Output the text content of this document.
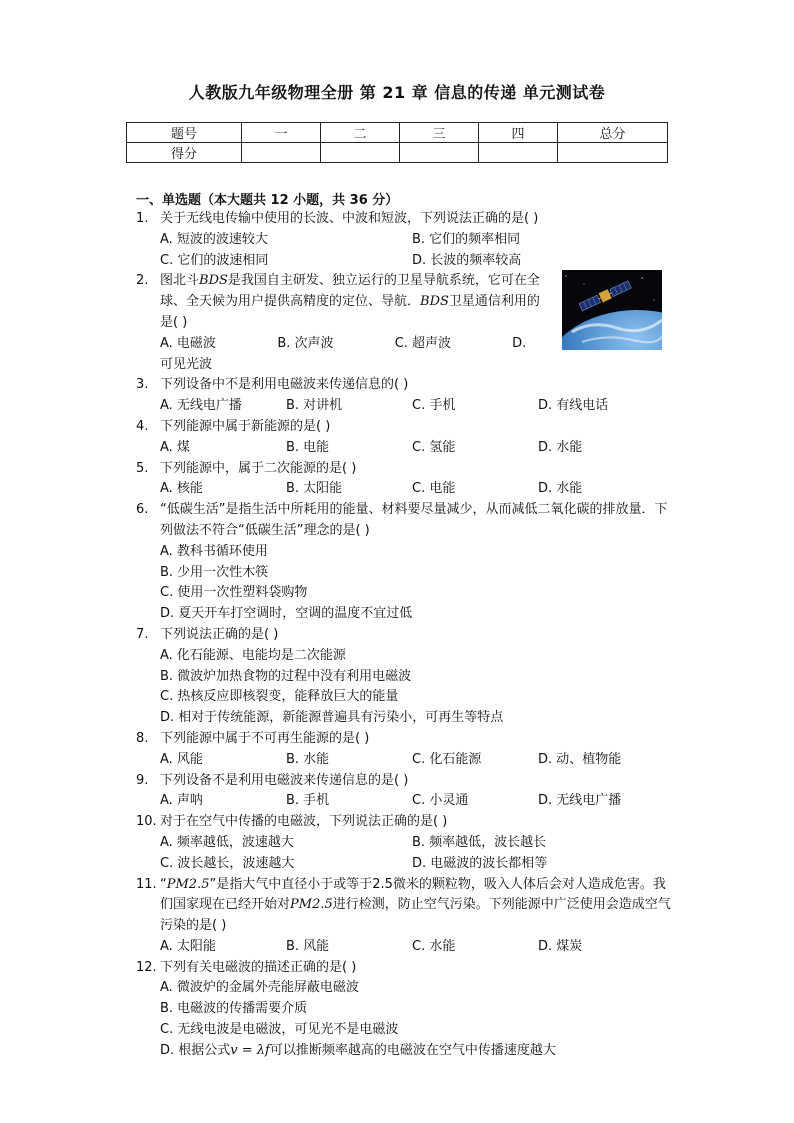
人教版九年级物理全册 第 21 章 信息的传递 单元测试卷
题号	一	二	三	四	总分
得分					
一、单选题（本大题共 12 小题，共 36 分）
1. 关于无线电传输中使用的长波、中波和短波，下列说法正确的是( )
A. 短波的波速较大	B. 它们的频率相同
C. 它们的波速相同	D. 长波的频率较高
2. 图北斗BDS是我国自主研发、独立运行的卫星导航系统，它可在全球、全天候为用户提供高精度的定位、导航．BDS卫星通信利用的是( )
A. 电磁波	B. 次声波	C. 超声波	D.
可见光波
3. 下列设备中不是利用电磁波来传递信息的( )
A. 无线电广播	B. 对讲机	C. 手机	D. 有线电话
4. 下列能源中属于新能源的是( )
A. 煤	B. 电能	C. 氢能	D. 水能
5. 下列能源中，属于二次能源的是( )
A. 核能	B. 太阳能	C. 电能	D. 水能
6. “低碳生活”是指生活中所耗用的能量、材料要尽量减少，从而减低二氧化碳的排放量．下列做法不符合“低碳生活”理念的是( )
A. 教科书循环使用
B. 少用一次性木筷
C. 使用一次性塑料袋购物
D. 夏天开车打空调时，空调的温度不宜过低
7. 下列说法正确的是( )
A. 化石能源、电能均是二次能源
B. 微波炉加热食物的过程中没有利用电磁波
C. 热核反应即核裂变，能释放巨大的能量
D. 相对于传统能源，新能源普遍具有污染小，可再生等特点
8. 下列能源中属于不可再生能源的是( )
A. 风能	B. 水能	C. 化石能源	D. 动、植物能
9. 下列设备不是利用电磁波来传递信息的是( )
A. 声呐	B. 手机	C. 小灵通	D. 无线电广播
10. 对于在空气中传播的电磁波，下列说法正确的是( )
A. 频率越低，波速越大	B. 频率越低，波长越长
C. 波长越长，波速越大	D. 电磁波的波长都相等
11. “PM2.5”是指大气中直径小于或等于2.5微米的颗粒物，吸入人体后会对人造成危害。我们国家现在已经开始对PM2.5进行检测，防止空气污染。下列能源中广泛使用会造成空气污染的是( )
A. 太阳能	B. 风能	C. 水能	D. 煤炭
12. 下列有关电磁波的描述正确的是( )
A. 微波炉的金属外壳能屏蔽电磁波
B. 电磁波的传播需要介质
C. 无线电波是电磁波，可见光不是电磁波
D. 根据公式v = λf可以推断频率越高的电磁波在空气中传播速度越大
